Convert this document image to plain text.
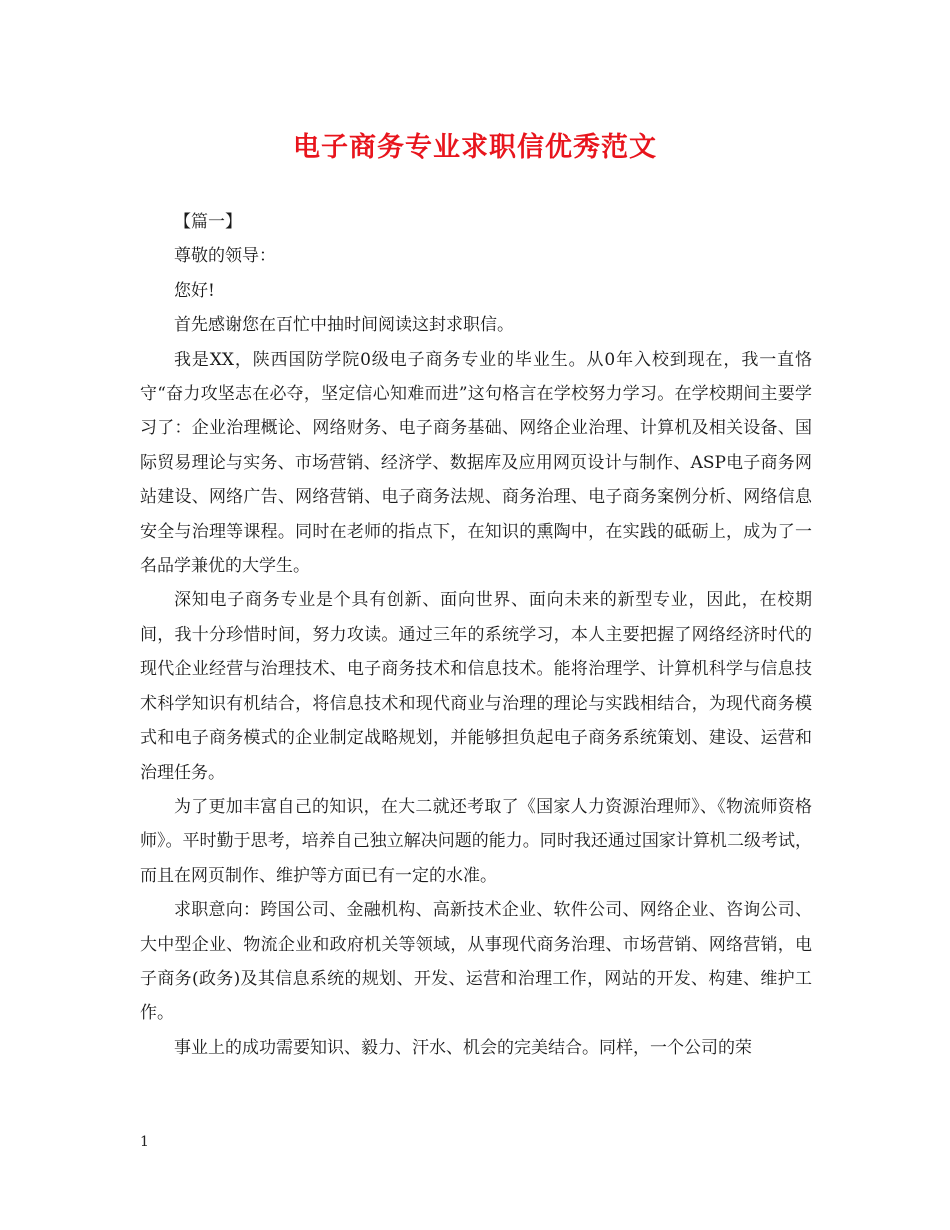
电子商务专业求职信优秀范文

【篇一】

尊敬的领导：

您好!

首先感谢您在百忙中抽时间阅读这封求职信。

我是XX，陕西国防学院0级电子商务专业的毕业生。从0年入校到现在，我一直恪守“奋力攻坚志在必夺，坚定信心知难而进”这句格言在学校努力学习。在学校期间主要学习了：企业治理概论、网络财务、电子商务基础、网络企业治理、计算机及相关设备、国际贸易理论与实务、市场营销、经济学、数据库及应用网页设计与制作、ASP电子商务网站建设、网络广告、网络营销、电子商务法规、商务治理、电子商务案例分析、网络信息安全与治理等课程。同时在老师的指点下，在知识的熏陶中，在实践的砥砺上，成为了一名品学兼优的大学生。

深知电子商务专业是个具有创新、面向世界、面向未来的新型专业，因此，在校期间，我十分珍惜时间，努力攻读。通过三年的系统学习，本人主要把握了网络经济时代的现代企业经营与治理技术、电子商务技术和信息技术。能将治理学、计算机科学与信息技术科学知识有机结合，将信息技术和现代商业与治理的理论与实践相结合，为现代商务模式和电子商务模式的企业制定战略规划，并能够担负起电子商务系统策划、建设、运营和治理任务。

为了更加丰富自己的知识，在大二就还考取了《国家人力资源治理师》、《物流师资格师》。平时勤于思考，培养自己独立解决问题的能力。同时我还通过国家计算机二级考试，而且在网页制作、维护等方面已有一定的水准。

求职意向：跨国公司、金融机构、高新技术企业、软件公司、网络企业、咨询公司、大中型企业、物流企业和政府机关等领域，从事现代商务治理、市场营销、网络营销，电子商务(政务)及其信息系统的规划、开发、运营和治理工作，网站的开发、构建、维护工作。

事业上的成功需要知识、毅力、汗水、机会的完美结合。同样，一个公司的荣

1
